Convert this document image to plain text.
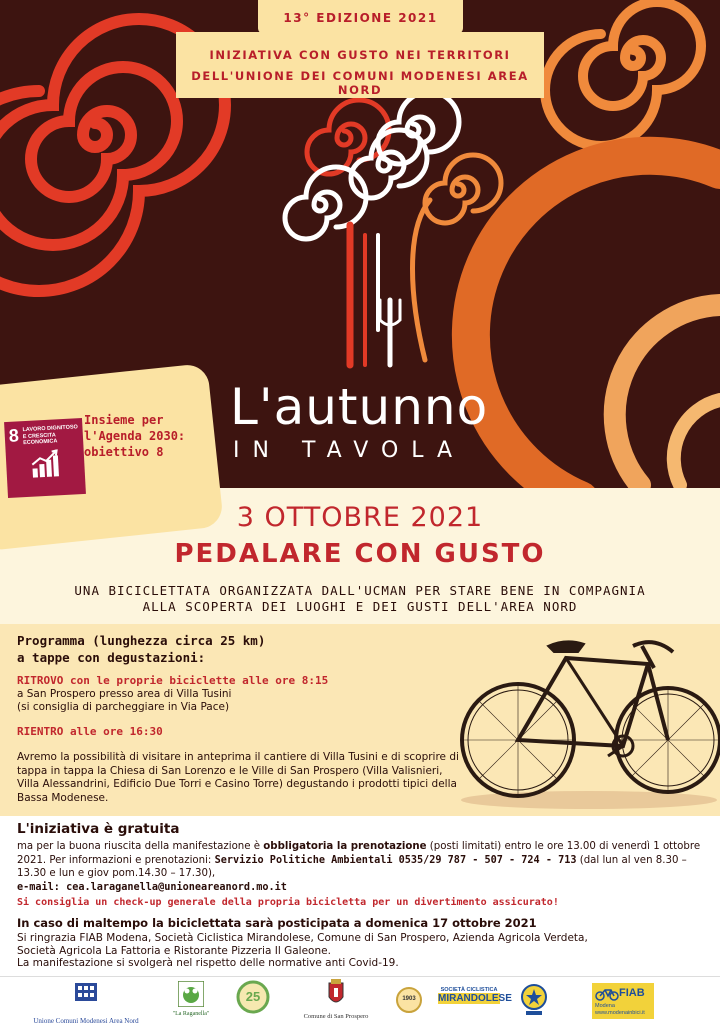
13° EDIZIONE 2021
INIZIATIVA CON GUSTO NEI TERRITORI
DELL'UNIONE DEI COMUNI MODENESI AREA NORD
L'autunno
IN TAVOLA
8 LAVORO DIGNITOSO E CRESCITA ECONOMICA
Insieme per l'Agenda 2030: obiettivo 8
3 OTTOBRE 2021
PEDALARE CON GUSTO
UNA BICICLETTATA ORGANIZZATA DALL'UCMAN PER STARE BENE IN COMPAGNIA
ALLA SCOPERTA DEI LUOGHI E DEI GUSTI DELL'AREA NORD
Programma (lunghezza circa 25 km)
a tappe con degustazioni:
RITROVO con le proprie biciclette alle ore 8:15
a San Prospero presso area di Villa Tusini
(si consiglia di parcheggiare in Via Pace)
RIENTRO alle ore 16:30
Avremo la possibilità di visitare in anteprima il cantiere di Villa Tusini e di scoprire di tappa in tappa la Chiesa di San Lorenzo e le Ville di San Prospero (Villa Valisnieri, Villa Alessandrini, Edificio Due Torri e Casino Torre) degustando i prodotti tipici della Bassa Modenese.
L'iniziativa è gratuita
ma per la buona riuscita della manifestazione è obbligatoria la prenotazione (posti limitati) entro le ore 13.00 di venerdì 1 ottobre 2021. Per informazioni e prenotazioni: Servizio Politiche Ambientali 0535/29 787 - 507 - 724 - 713 (dal lun al ven 8.30 – 13.30 e lun e giov pom.14.30 – 17.30),
e-mail: cea.laraganella@unioneareanord.mo.it
Si consiglia un check-up generale della propria bicicletta per un divertimento assicurato!
In caso di maltempo la biciclettata sarà posticipata a domenica 17 ottobre 2021
Si ringrazia FIAB Modena, Società Ciclistica Mirandolese, Comune di San Prospero, Azienda Agricola Verdeta,
Società Agricola La Fattoria e Ristorante Pizzeria Il Galeone.
La manifestazione si svolgerà nel rispetto delle normative anti Covid-19.
Unione Comuni Modenesi Area Nord
"La Raganella"
25
Comune di San Prospero
1903
SOCIETÀ CICLISTICA
MIRANDOLESE	FIAB
Modena
www.modenainbici.it
